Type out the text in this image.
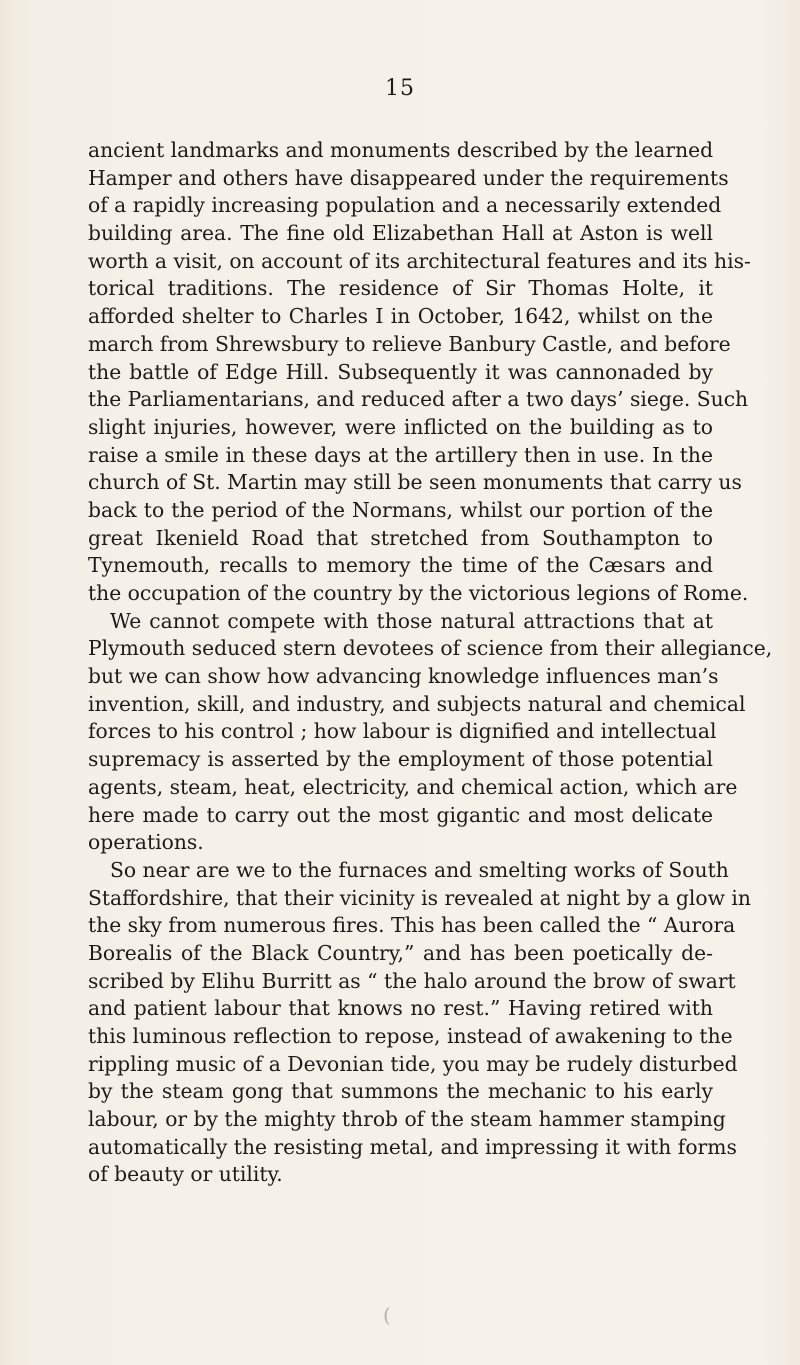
15
ancient landmarks and monuments described by the learned
Hamper and others have disappeared under the requirements
of a rapidly increasing population and a necessarily extended
building area. The fine old Elizabethan Hall at Aston is well
worth a visit, on account of its architectural features and its his-
torical traditions. The residence of Sir Thomas Holte, it
afforded shelter to Charles I in October, 1642, whilst on the
march from Shrewsbury to relieve Banbury Castle, and before
the battle of Edge Hill. Subsequently it was cannonaded by
the Parliamentarians, and reduced after a two days’ siege. Such
slight injuries, however, were inflicted on the building as to
raise a smile in these days at the artillery then in use. In the
church of St. Martin may still be seen monuments that carry us
back to the period of the Normans, whilst our portion of the
great Ikenield Road that stretched from Southampton to
Tynemouth, recalls to memory the time of the Cæsars and
the occupation of the country by the victorious legions of Rome.
We cannot compete with those natural attractions that at
Plymouth seduced stern devotees of science from their allegiance,
but we can show how advancing knowledge influences man’s
invention, skill, and industry, and subjects natural and chemical
forces to his control ; how labour is dignified and intellectual
supremacy is asserted by the employment of those potential
agents, steam, heat, electricity, and chemical action, which are
here made to carry out the most gigantic and most delicate
operations.
So near are we to the furnaces and smelting works of South
Staffordshire, that their vicinity is revealed at night by a glow in
the sky from numerous fires. This has been called the “ Aurora
Borealis of the Black Country,” and has been poetically de-
scribed by Elihu Burritt as “ the halo around the brow of swart
and patient labour that knows no rest.” Having retired with
this luminous reflection to repose, instead of awakening to the
rippling music of a Devonian tide, you may be rudely disturbed
by the steam gong that summons the mechanic to his early
labour, or by the mighty throb of the steam hammer stamping
automatically the resisting metal, and impressing it with forms
of beauty or utility.
(
